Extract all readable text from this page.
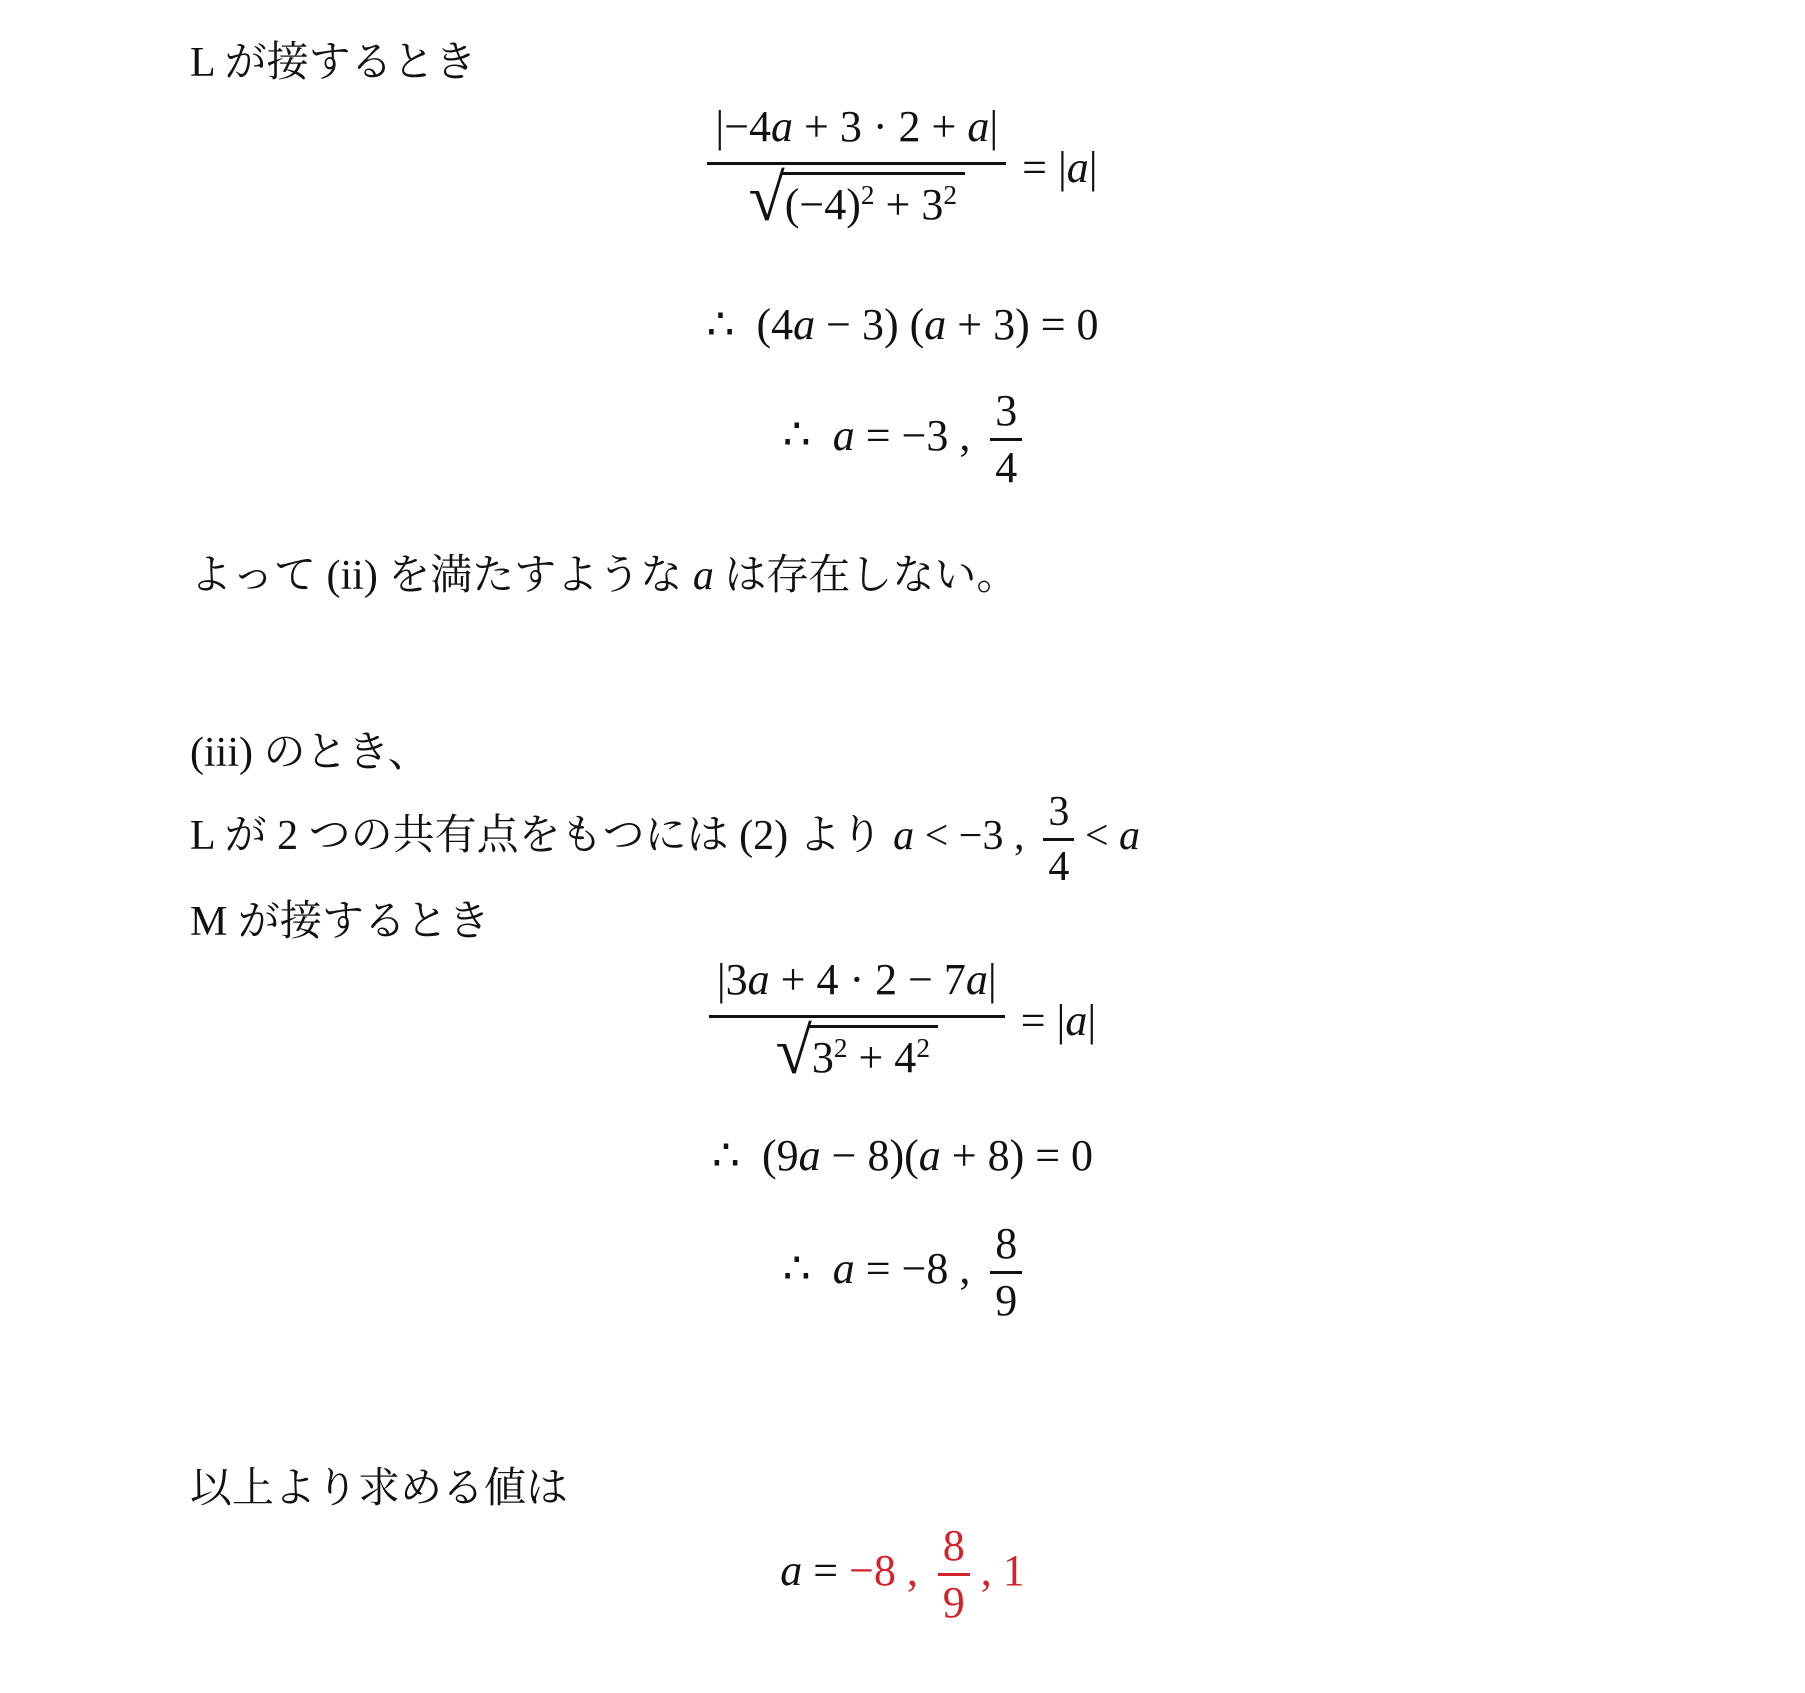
L が接するとき

$\frac{|-4a + 3 \cdot 2 + a|}{√ (-4)^2 + 3^2} = |a|$
∴ (4a − 3) (a + 3) = 0
∴ a = −3 , $\frac{3}{4}$

よって (ii) を満たすような a は存在しない。

(iii) のとき、

L が 2 つの共有点をもつには (2) より a < −3 , $\frac{3}{4} < a$

M が接するとき

$\frac{|3a + 4 \cdot 2 - 7a|}{√ 3^2 + 4^2} = |a|$
∴ (9a − 8)(a + 8) = 0
∴ a = −8 , $\frac{8}{9}$

以上より求める値は

a = −8 , $\frac{8}{9}$ , 1
